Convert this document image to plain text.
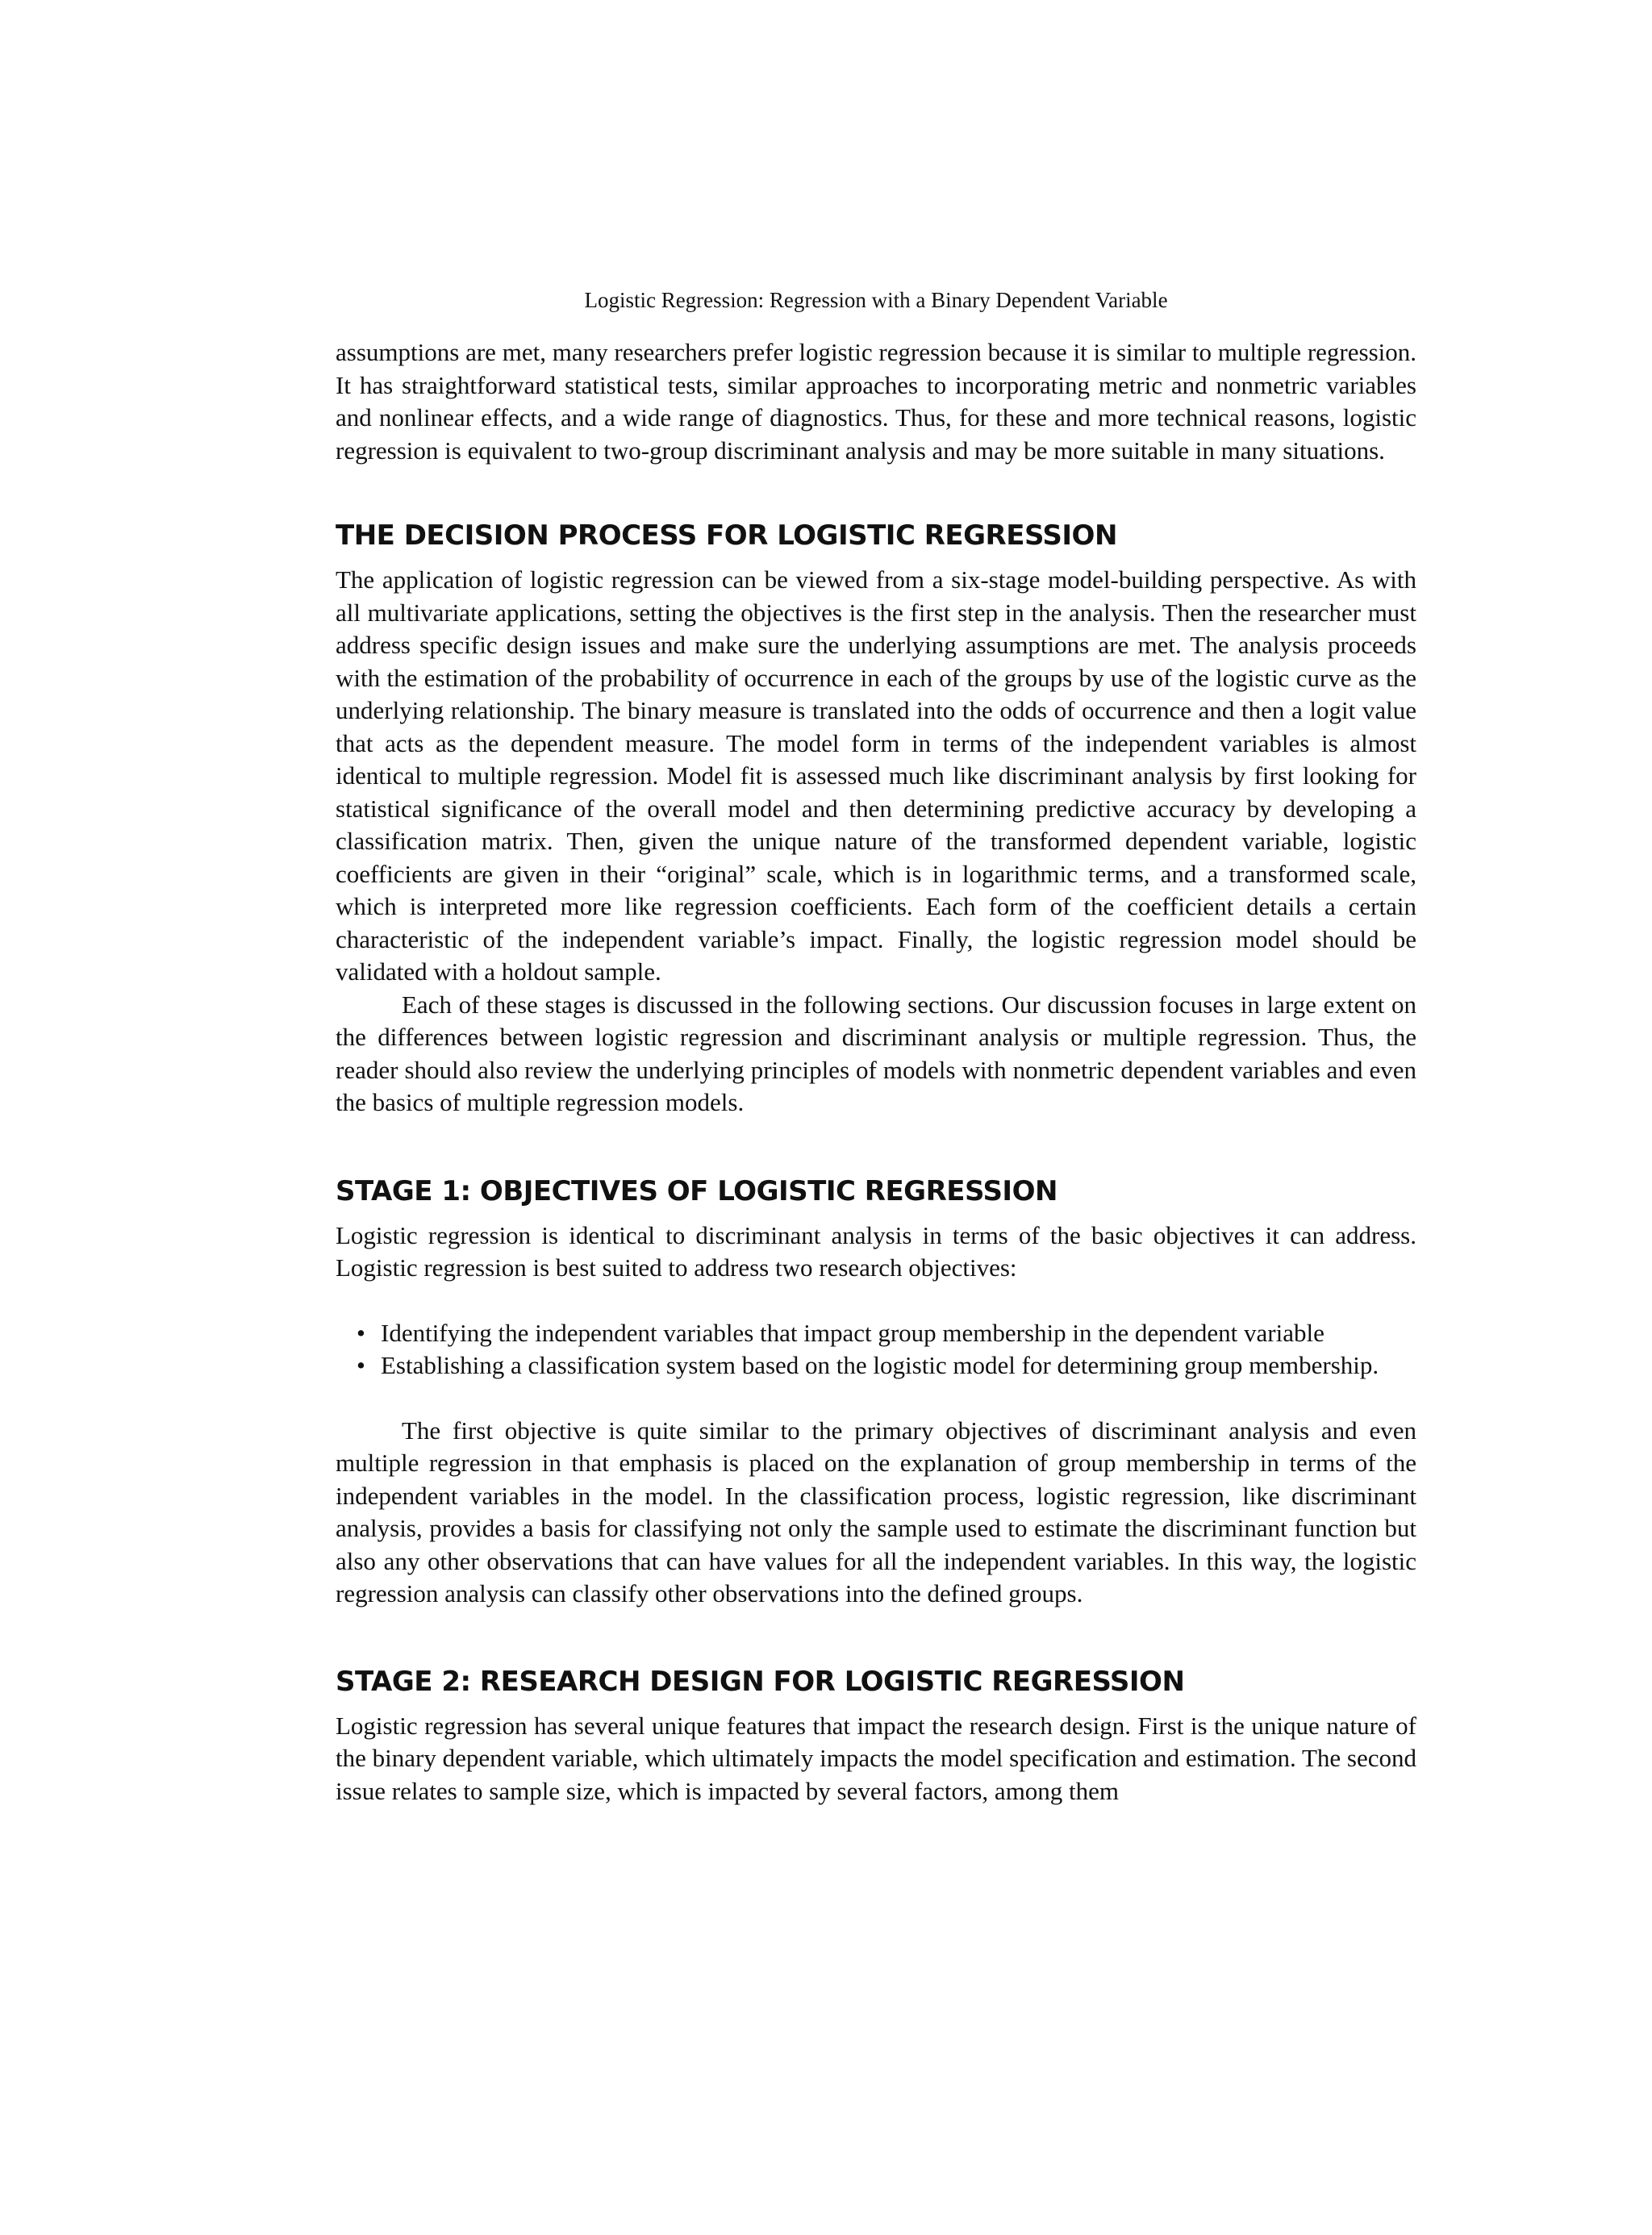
Logistic Regression: Regression with a Binary Dependent Variable

assumptions are met, many researchers prefer logistic regression because it is similar to multiple regression. It has straightforward statistical tests, similar approaches to incorporating metric and nonmetric variables and nonlinear effects, and a wide range of diagnostics. Thus, for these and more technical reasons, logistic regression is equivalent to two-group discriminant analysis and may be more suitable in many situations.

THE DECISION PROCESS FOR LOGISTIC REGRESSION

The application of logistic regression can be viewed from a six-stage model-building perspective. As with all multivariate applications, setting the objectives is the first step in the analysis. Then the researcher must address specific design issues and make sure the underlying assumptions are met. The analysis proceeds with the estimation of the probability of occurrence in each of the groups by use of the logistic curve as the underlying relationship. The binary measure is translated into the odds of occurrence and then a logit value that acts as the dependent measure. The model form in terms of the independent variables is almost identical to multiple regression. Model fit is assessed much like discriminant analysis by first looking for statistical significance of the overall model and then determining predictive accuracy by developing a classification matrix. Then, given the unique nature of the transformed dependent variable, logistic coefficients are given in their “original” scale, which is in logarithmic terms, and a transformed scale, which is interpreted more like regression coefficients. Each form of the coefficient details a certain characteristic of the independent variable’s impact. Finally, the logistic regression model should be validated with a holdout sample.

Each of these stages is discussed in the following sections. Our discussion focuses in large extent on the differences between logistic regression and discriminant analysis or multiple regression. Thus, the reader should also review the underlying principles of models with nonmetric dependent variables and even the basics of multiple regression models.

STAGE 1: OBJECTIVES OF LOGISTIC REGRESSION

Logistic regression is identical to discriminant analysis in terms of the basic objectives it can address. Logistic regression is best suited to address two research objectives:

• Identifying the independent variables that impact group membership in the dependent variable
• Establishing a classification system based on the logistic model for determining group membership.

The first objective is quite similar to the primary objectives of discriminant analysis and even multiple regression in that emphasis is placed on the explanation of group membership in terms of the independent variables in the model. In the classification process, logistic regression, like discriminant analysis, provides a basis for classifying not only the sample used to estimate the discriminant function but also any other observations that can have values for all the independent variables. In this way, the logistic regression analysis can classify other observations into the defined groups.

STAGE 2: RESEARCH DESIGN FOR LOGISTIC REGRESSION

Logistic regression has several unique features that impact the research design. First is the unique nature of the binary dependent variable, which ultimately impacts the model specification and estimation. The second issue relates to sample size, which is impacted by several factors, among them
